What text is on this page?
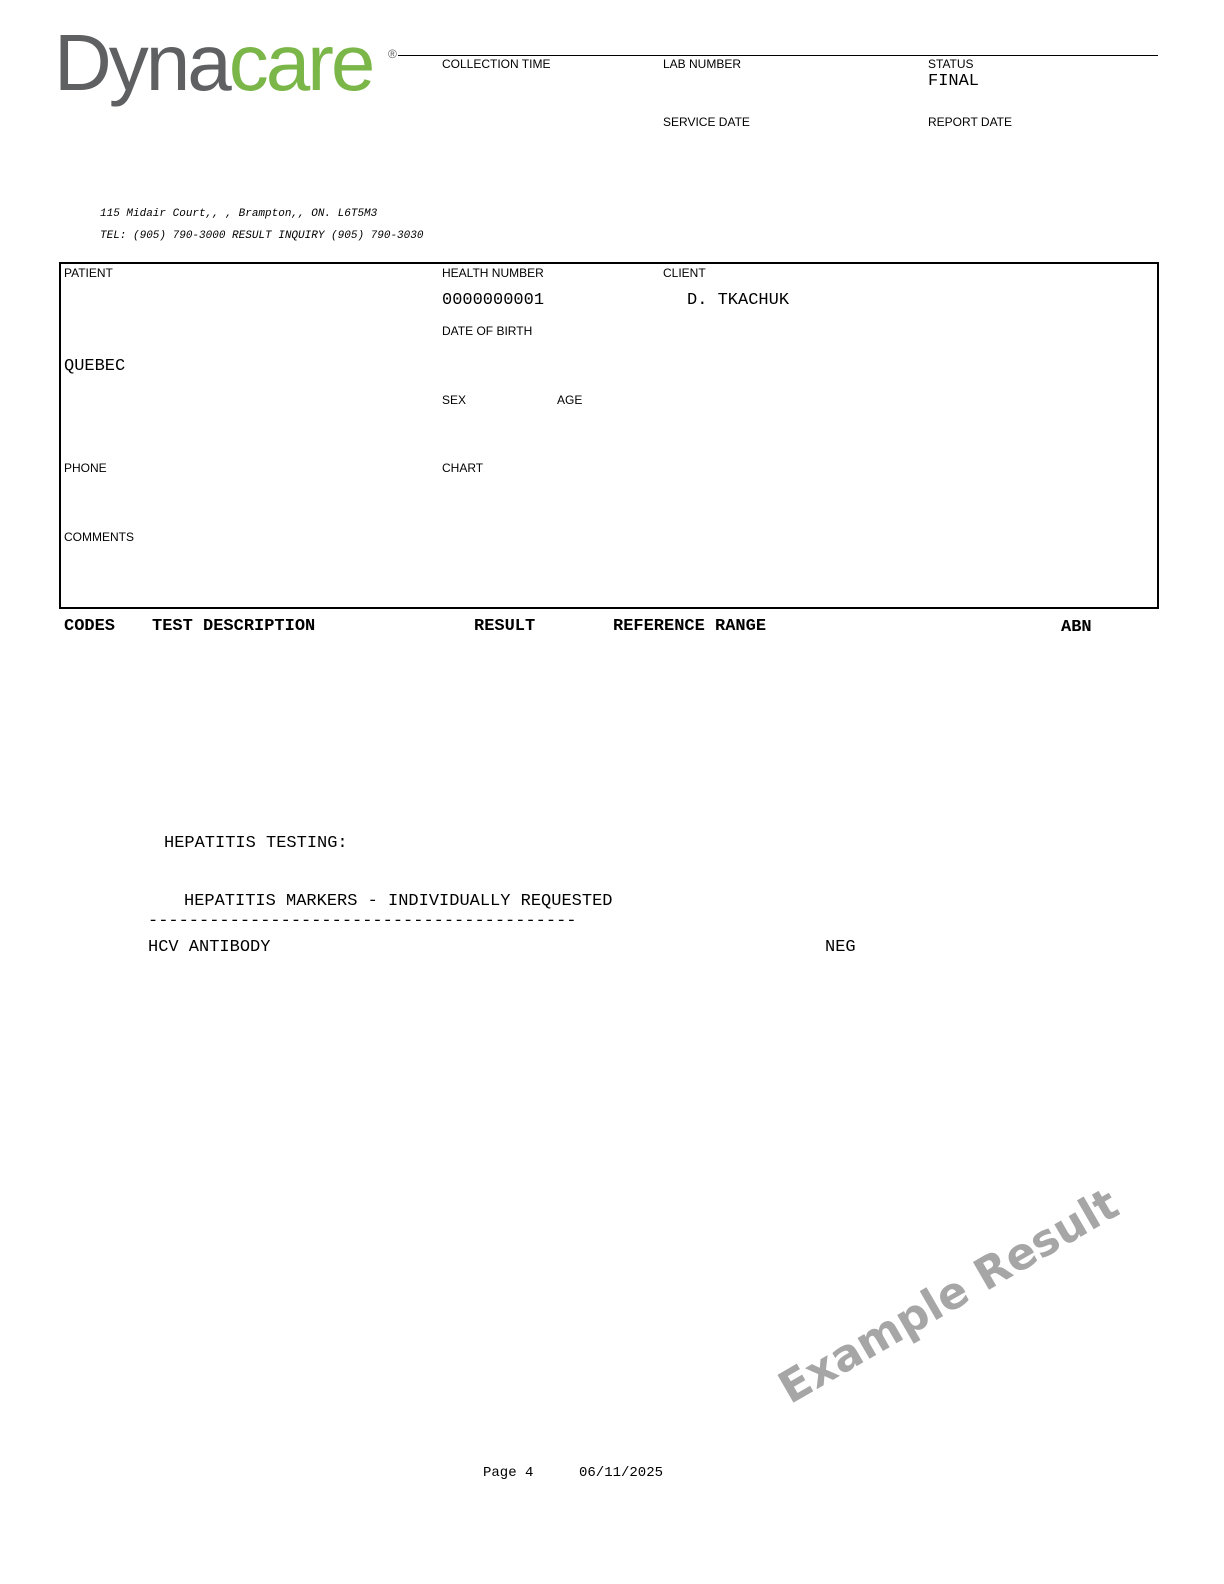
Dynacare ®
COLLECTION TIME	LAB NUMBER	STATUS
FINAL
SERVICE DATE	REPORT DATE
115 Midair Court,, , Brampton,, ON. L6T5M3
TEL: (905) 790-3000 RESULT INQUIRY (905) 790-3030
PATIENT	HEALTH NUMBER	CLIENT
0000000001	D. TKACHUK
DATE OF BIRTH
QUEBEC
SEX	AGE
PHONE	CHART
COMMENTS
CODES TEST DESCRIPTION	RESULT	REFERENCE RANGE	ABN
HEPATITIS TESTING:
HEPATITIS MARKERS - INDIVIDUALLY REQUESTED
------------------------------------------
HCV ANTIBODY	NEG
Page 4	06/11/2025
Example Result
